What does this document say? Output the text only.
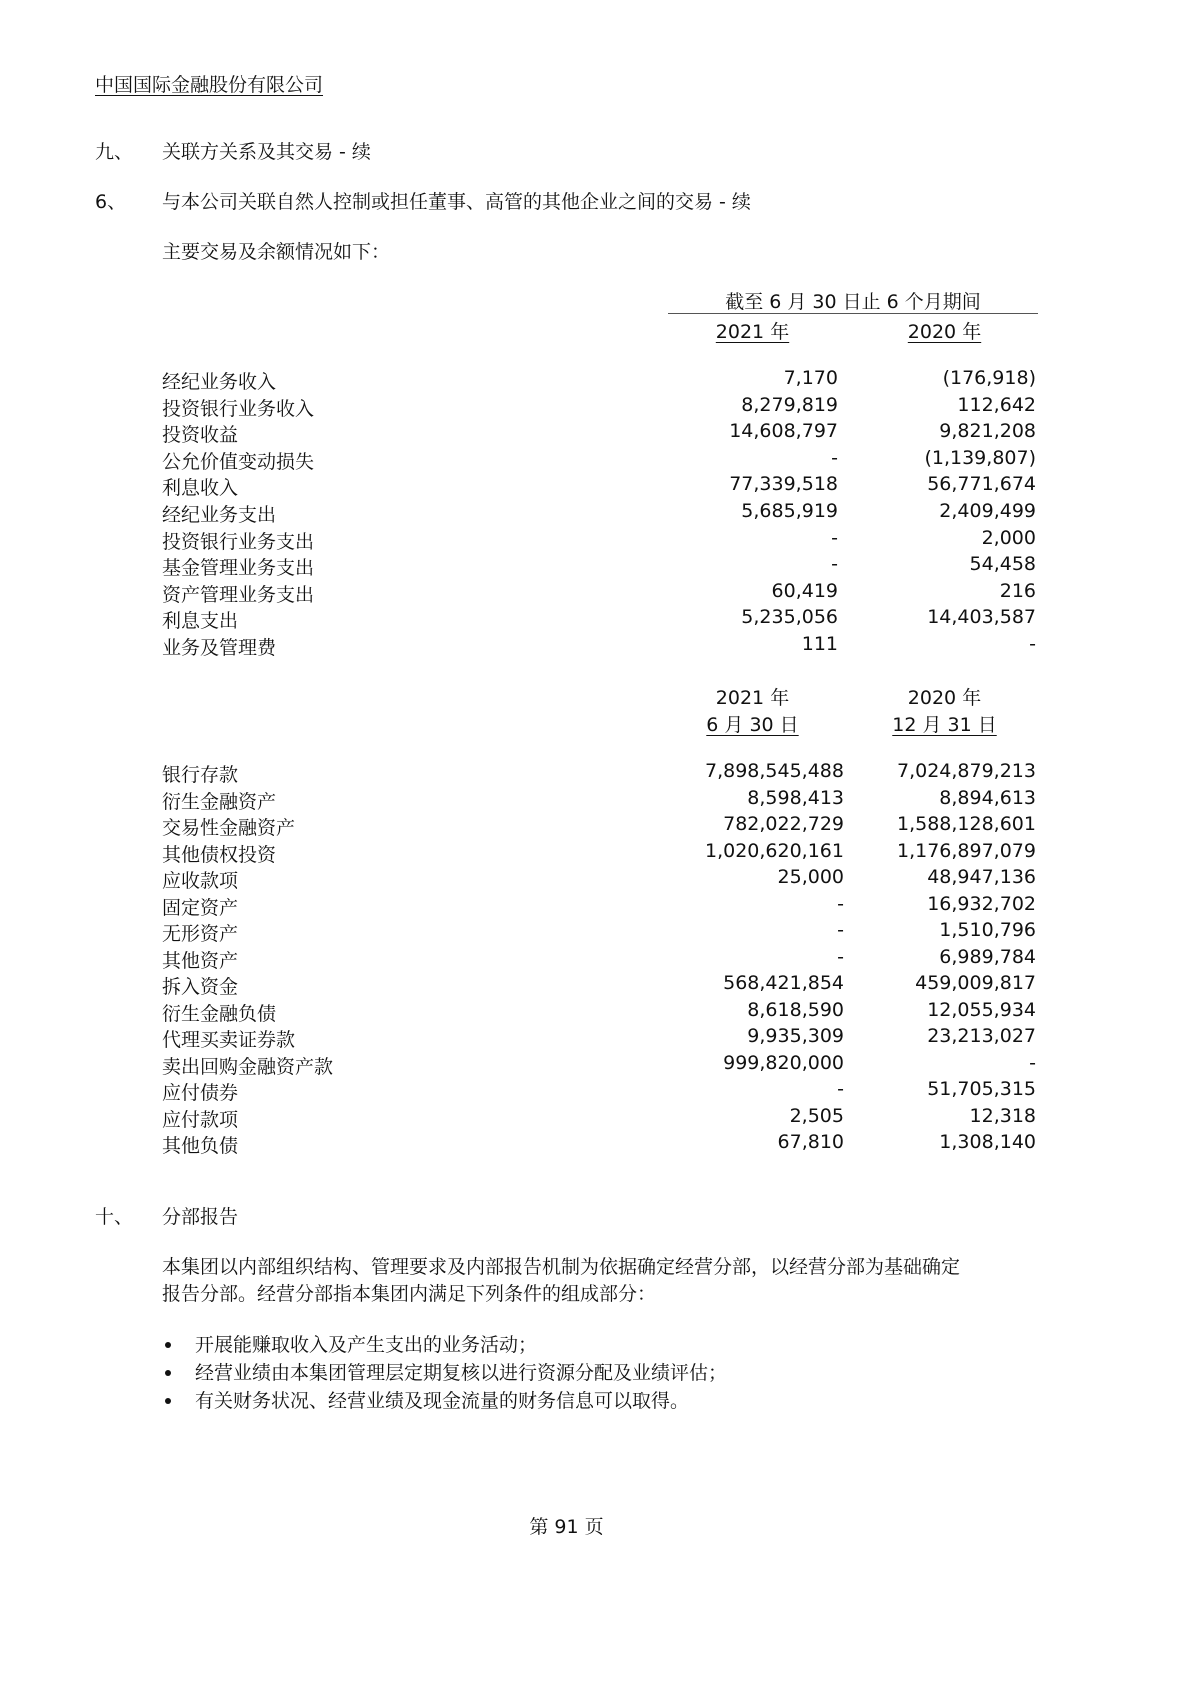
中国国际金融股份有限公司
九、 关联方关系及其交易 - 续
6、 与本公司关联自然人控制或担任董事、高管的其他企业之间的交易 - 续
主要交易及余额情况如下：
截至 6 月 30 日止 6 个月期间
2021 年	2020 年
经纪业务收入	7,170	(176,918)
投资银行业务收入	8,279,819	112,642
投资收益	14,608,797	9,821,208
公允价值变动损失	-	(1,139,807)
利息收入	77,339,518	56,771,674
经纪业务支出	5,685,919	2,409,499
投资银行业务支出	-	2,000
基金管理业务支出	-	54,458
资产管理业务支出	60,419	216
利息支出	5,235,056	14,403,587
业务及管理费	111	-
2021 年
6 月 30 日
2020 年
12 月 31 日
银行存款	7,898,545,488	7,024,879,213
衍生金融资产	8,598,413	8,894,613
交易性金融资产	782,022,729	1,588,128,601
其他债权投资	1,020,620,161	1,176,897,079
应收款项	25,000	48,947,136
固定资产	-	16,932,702
无形资产	-	1,510,796
其他资产	-	6,989,784
拆入资金	568,421,854	459,009,817
衍生金融负债	8,618,590	12,055,934
代理买卖证券款	9,935,309	23,213,027
卖出回购金融资产款	999,820,000	-
应付债券	-	51,705,315
应付款项	2,505	12,318
其他负债	67,810	1,308,140
十、 分部报告
本集团以内部组织结构、管理要求及内部报告机制为依据确定经营分部，以经营分部为基础确定
报告分部。经营分部指本集团内满足下列条件的组成部分：
开展能赚取收入及产生支出的业务活动；
经营业绩由本集团管理层定期复核以进行资源分配及业绩评估；
有关财务状况、经营业绩及现金流量的财务信息可以取得。
第 91 页
